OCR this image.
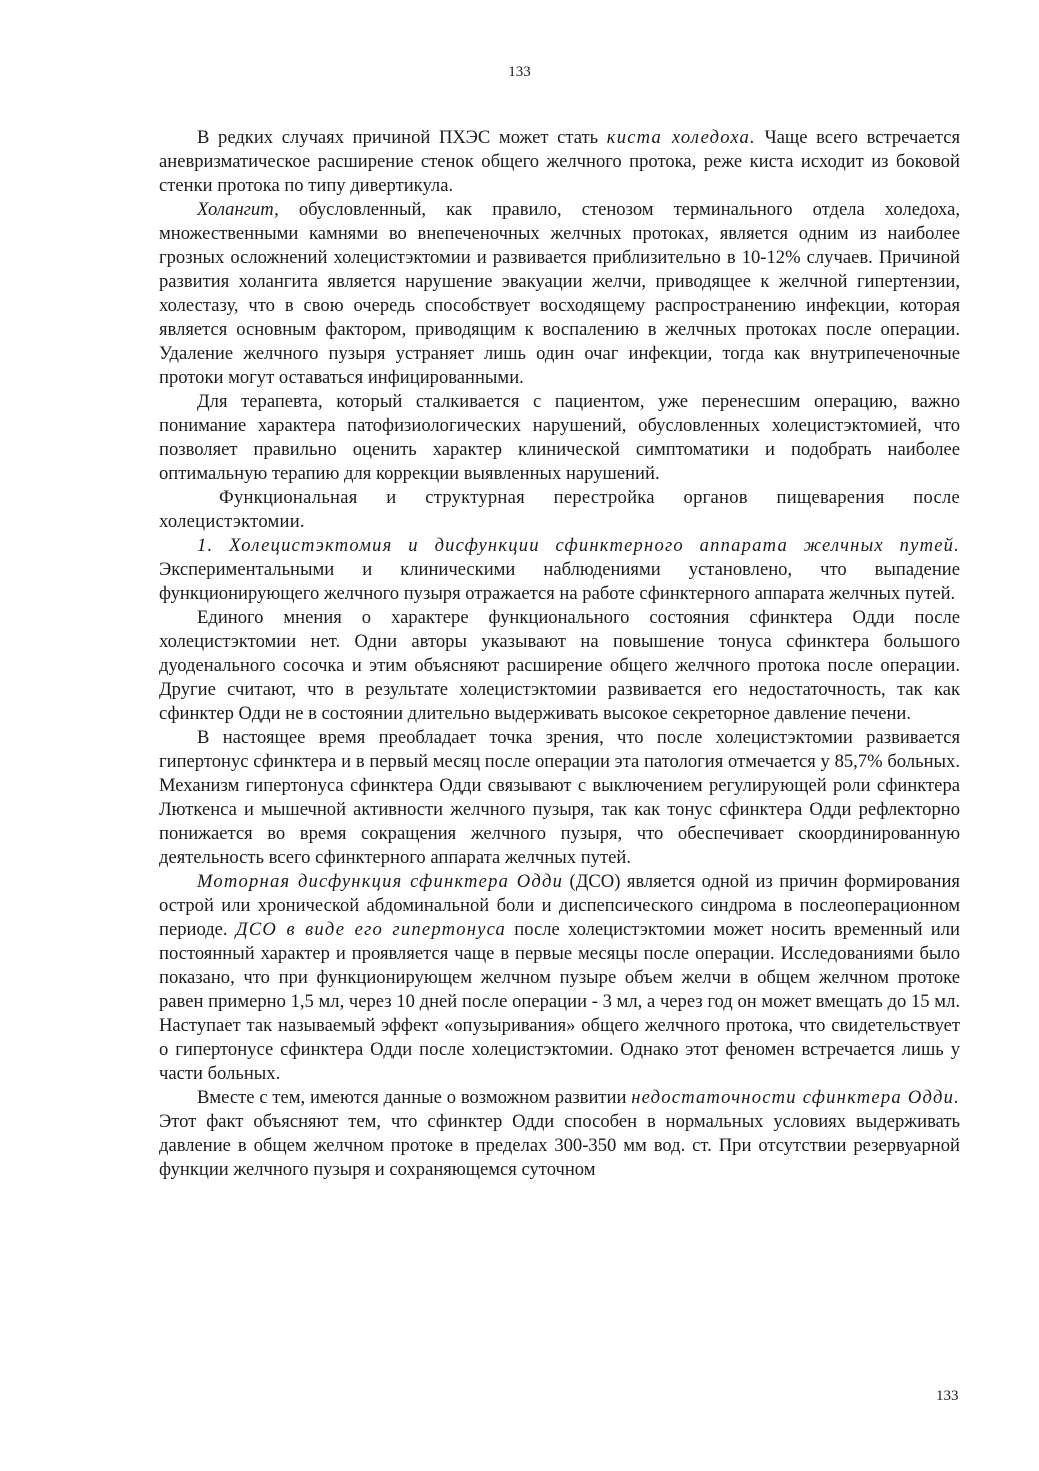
133

В редких случаях причиной ПХЭС может стать киста холедоха. Чаще всего встречается аневризматическое расширение стенок общего желчного протока, реже киста исходит из боковой стенки протока по типу дивертикула.

Холангит, обусловленный, как правило, стенозом терминального отдела холедоха, множественными камнями во внепеченочных желчных протоках, является одним из наиболее грозных осложнений холецистэктомии и развивается приблизительно в 10-12% случаев. Причиной развития холангита является нарушение эвакуации желчи, приводящее к желчной гипертензии, холестазу, что в свою очередь способствует восходящему распространению инфекции, которая является основным фактором, приводящим к воспалению в желчных протоках после операции. Удаление желчного пузыря устраняет лишь один очаг инфекции, тогда как внутрипеченочные протоки могут оставаться инфицированными.

Для терапевта, который сталкивается с пациентом, уже перенесшим операцию, важно понимание характера патофизиологических нарушений, обусловленных холецистэктомией, что позволяет правильно оценить характер клинической симптоматики и подобрать наиболее оптимальную терапию для коррекции выявленных нарушений.

Функциональная и структурная перестройка органов пищеварения после холецистэктомии.

1. Холецистэктомия и дисфункции сфинктерного аппарата желчных путей. Экспериментальными и клиническими наблюдениями установлено, что выпадение функционирующего желчного пузыря отражается на работе сфинктерного аппарата желчных путей.

Единого мнения о характере функционального состояния сфинктера Одди после холецистэктомии нет. Одни авторы указывают на повышение тонуса сфинктера большого дуоденального сосочка и этим объясняют расширение общего желчного протока после операции. Другие считают, что в результате холецистэктомии развивается его недостаточность, так как сфинктер Одди не в состоянии длительно выдерживать высокое секреторное давление печени.

В настоящее время преобладает точка зрения, что после холецистэктомии развивается гипертонус сфинктера и в первый месяц после операции эта патология отмечается у 85,7% больных. Механизм гипертонуса сфинктера Одди связывают с выключением регулирующей роли сфинктера Люткенса и мышечной активности желчного пузыря, так как тонус сфинктера Одди рефлекторно понижается во время сокращения желчного пузыря, что обеспечивает скоординированную деятельность всего сфинктерного аппарата желчных путей.

Моторная дисфункция сфинктера Одди (ДСО) является одной из причин формирования острой или хронической абдоминальной боли и диспепсического синдрома в послеоперационном периоде. ДСО в виде его гипертонуса после холецистэктомии может носить временный или постоянный характер и проявляется чаще в первые месяцы после операции. Исследованиями было показано, что при функционирующем желчном пузыре объем желчи в общем желчном протоке равен примерно 1,5 мл, через 10 дней после операции - 3 мл, а через год он может вмещать до 15 мл. Наступает так называемый эффект «опузыривания» общего желчного протока, что свидетельствует о гипертонусе сфинктера Одди после холецистэктомии. Однако этот феномен встречается лишь у части больных.

Вместе с тем, имеются данные о возможном развитии недостаточности сфинктера Одди. Этот факт объясняют тем, что сфинктер Одди способен в нормальных условиях выдерживать давление в общем желчном протоке в пределах 300-350 мм вод. ст. При отсутствии резервуарной функции желчного пузыря и сохраняющемся суточном

133
